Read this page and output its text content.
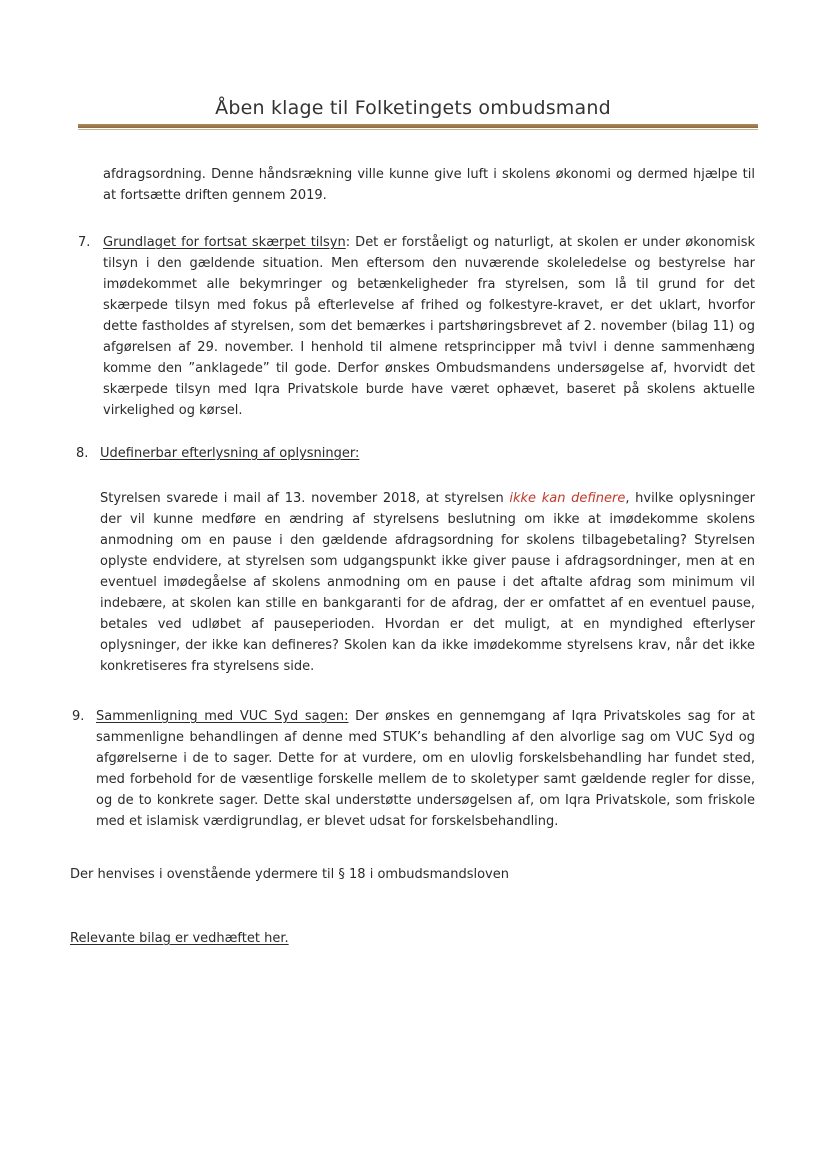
Åben klage til Folketingets ombudsmand

afdragsordning. Denne håndsrækning ville kunne give luft i skolens økonomi og dermed hjælpe til at fortsætte driften gennem 2019.

7. Grundlaget for fortsat skærpet tilsyn: Det er forståeligt og naturligt, at skolen er under økonomisk tilsyn i den gældende situation. Men eftersom den nuværende skoleledelse og bestyrelse har imødekommet alle bekymringer og betænkeligheder fra styrelsen, som lå til grund for det skærpede tilsyn med fokus på efterlevelse af frihed og folkestyre-kravet, er det uklart, hvorfor dette fastholdes af styrelsen, som det bemærkes i partshøringsbrevet af 2. november (bilag 11) og afgørelsen af 29. november. I henhold til almene retsprincipper må tvivl i denne sammenhæng komme den ”anklagede” til gode. Derfor ønskes Ombudsmandens undersøgelse af, hvorvidt det skærpede tilsyn med Iqra Privatskole burde have været ophævet, baseret på skolens aktuelle virkelighed og kørsel.

8. Udefinerbar efterlysning af oplysninger:

Styrelsen svarede i mail af 13. november 2018, at styrelsen ikke kan definere, hvilke oplysninger der vil kunne medføre en ændring af styrelsens beslutning om ikke at imødekomme skolens anmodning om en pause i den gældende afdragsordning for skolens tilbagebetaling? Styrelsen oplyste endvidere, at styrelsen som udgangspunkt ikke giver pause i afdragsordninger, men at en eventuel imødegåelse af skolens anmodning om en pause i det aftalte afdrag som minimum vil indebære, at skolen kan stille en bankgaranti for de afdrag, der er omfattet af en eventuel pause, betales ved udløbet af pauseperioden. Hvordan er det muligt, at en myndighed efterlyser oplysninger, der ikke kan defineres? Skolen kan da ikke imødekomme styrelsens krav, når det ikke konkretiseres fra styrelsens side.

9. Sammenligning med VUC Syd sagen: Der ønskes en gennemgang af Iqra Privatskoles sag for at sammenligne behandlingen af denne med STUK’s behandling af den alvorlige sag om VUC Syd og afgørelserne i de to sager. Dette for at vurdere, om en ulovlig forskelsbehandling har fundet sted, med forbehold for de væsentlige forskelle mellem de to skoletyper samt gældende regler for disse, og de to konkrete sager. Dette skal understøtte undersøgelsen af, om Iqra Privatskole, som friskole med et islamisk værdigrundlag, er blevet udsat for forskelsbehandling.

Der henvises i ovenstående ydermere til § 18 i ombudsmandsloven
Relevante bilag er vedhæftet her.
